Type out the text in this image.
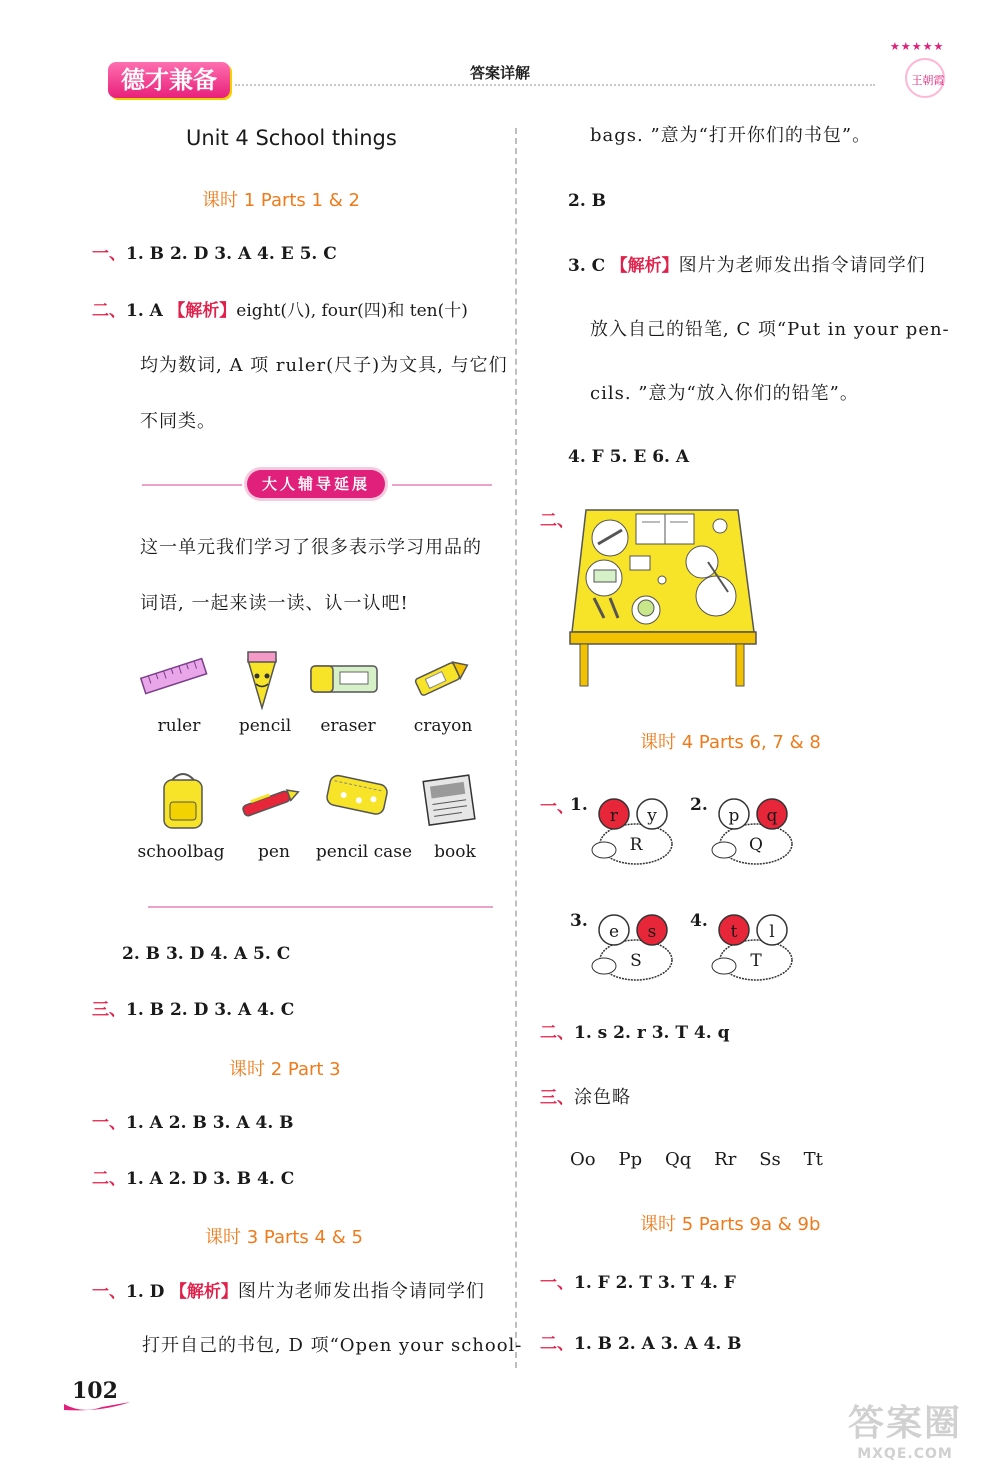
德才兼备	答案详解
★★★★★
王朝霞
Unit 4 School things
课时 1 Parts 1 & 2
一、1. B 2. D 3. A 4. E 5. C
二、1. A 【解析】eight(八), four(四)和 ten(十)
均为数词, A 项 ruler(尺子)为文具, 与它们
不同类。
大人辅导延展
这一单元我们学习了很多表示学习用品的
词语, 一起来读一读、认一认吧!
ruler	pencil	eraser	crayon
schoolbag	pen	pencil case	book
2. B 3. D 4. A 5. C
三、1. B 2. D 3. A 4. C
课时 2 Part 3
一、1. A 2. B 3. A 4. B
二、1. A 2. D 3. B 4. C
课时 3 Parts 4 & 5
一、1. D 【解析】图片为老师发出指令请同学们
打开自己的书包, D 项“Open your school-
bags. ”意为“打开你们的书包”。
2. B
3. C 【解析】图片为老师发出指令请同学们
放入自己的铅笔, C 项“Put in your pen-
cils. ”意为“放入你们的铅笔”。
4. F 5. E 6. A
二、
课时 4 Parts 6, 7 & 8
一、
1.
r y
R
2.
p q
Q
3.
e s
S
4.
t l
T
二、1. s 2. r 3. T 4. q
三、涂色略
Oo    Pp    Qq    Rr    Ss    Tt
课时 5 Parts 9a & 9b
一、1. F 2. T 3. T 4. F
二、1. B 2. A 3. A 4. B
102
答案圈
MXQE.COM
